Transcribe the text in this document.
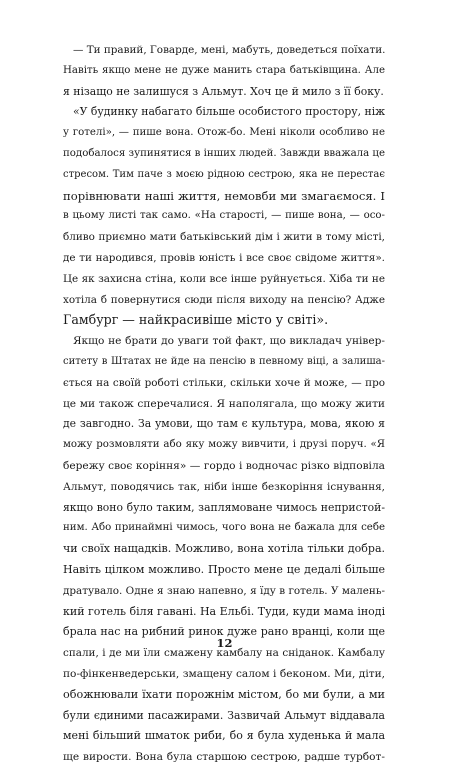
— Ти правий, Говарде, мені, мабуть, доведеться поїхати.
Навіть якщо мене не дуже манить стара батьківщина. Але
я нізащо не залишуся з Альмут. Хоч це й мило з її боку.
«У будинку набагато більше особистого простору, ніж
у готелі», — пише вона. Отож-бо. Мені ніколи особливо не
подобалося зупинятися в інших людей. Завжди вважала це
стресом. Тим паче з моєю рідною сестрою, яка не перестає
порівнювати наші життя, немовби ми змагаємося. І
в цьому листі так само. «На старості, — пише вона, — осо-
бливо приємно мати батьківський дім і жити в тому місті,
де ти народився, провів юність і все своє свідоме життя».
Це як захисна стіна, коли все інше руйнується. Хіба ти не
хотіла б повернутися сюди після виходу на пенсію? Адже
Гамбург — найкрасивіше місто у світі».
Якщо не брати до уваги той факт, що викладач універ-
ситету в Штатах не йде на пенсію в певному віці, а залиша-
ється на своїй роботі стільки, скільки хоче й може, — про
це ми також сперечалися. Я наполягала, що можу жити
де завгодно. За умови, що там є культура, мова, якою я
можу розмовляти або яку можу вивчити, і друзі поруч. «Я
бережу своє коріння» — гордо і водночас різко відповіла
Альмут, поводячись так, ніби інше безкоріння існування,
якщо воно було таким, заплямоване чимось непристой-
ним. Або принаймні чимось, чого вона не бажала для себе
чи своїх нащадків. Можливо, вона хотіла тільки добра.
Навіть цілком можливо. Просто мене це дедалі більше
дратувало. Одне я знаю напевно, я їду в готель. У малень-
кий готель біля гавані. На Ельбі. Туди, куди мама іноді
брала нас на рибний ринок дуже рано вранці, коли ще
спали, і де ми їли смажену камбалу на сніданок. Камбалу
по-фінкенведерськи, змащену салом і беконом. Ми, діти,
обожнювали їхати порожнім містом, бо ми були, а ми
були єдиними пасажирами. Зазвичай Альмут віддавала
мені більший шматок риби, бо я була худенька й мала
ще вирости. Вона була старшою сестрою, радше турбот-
12
